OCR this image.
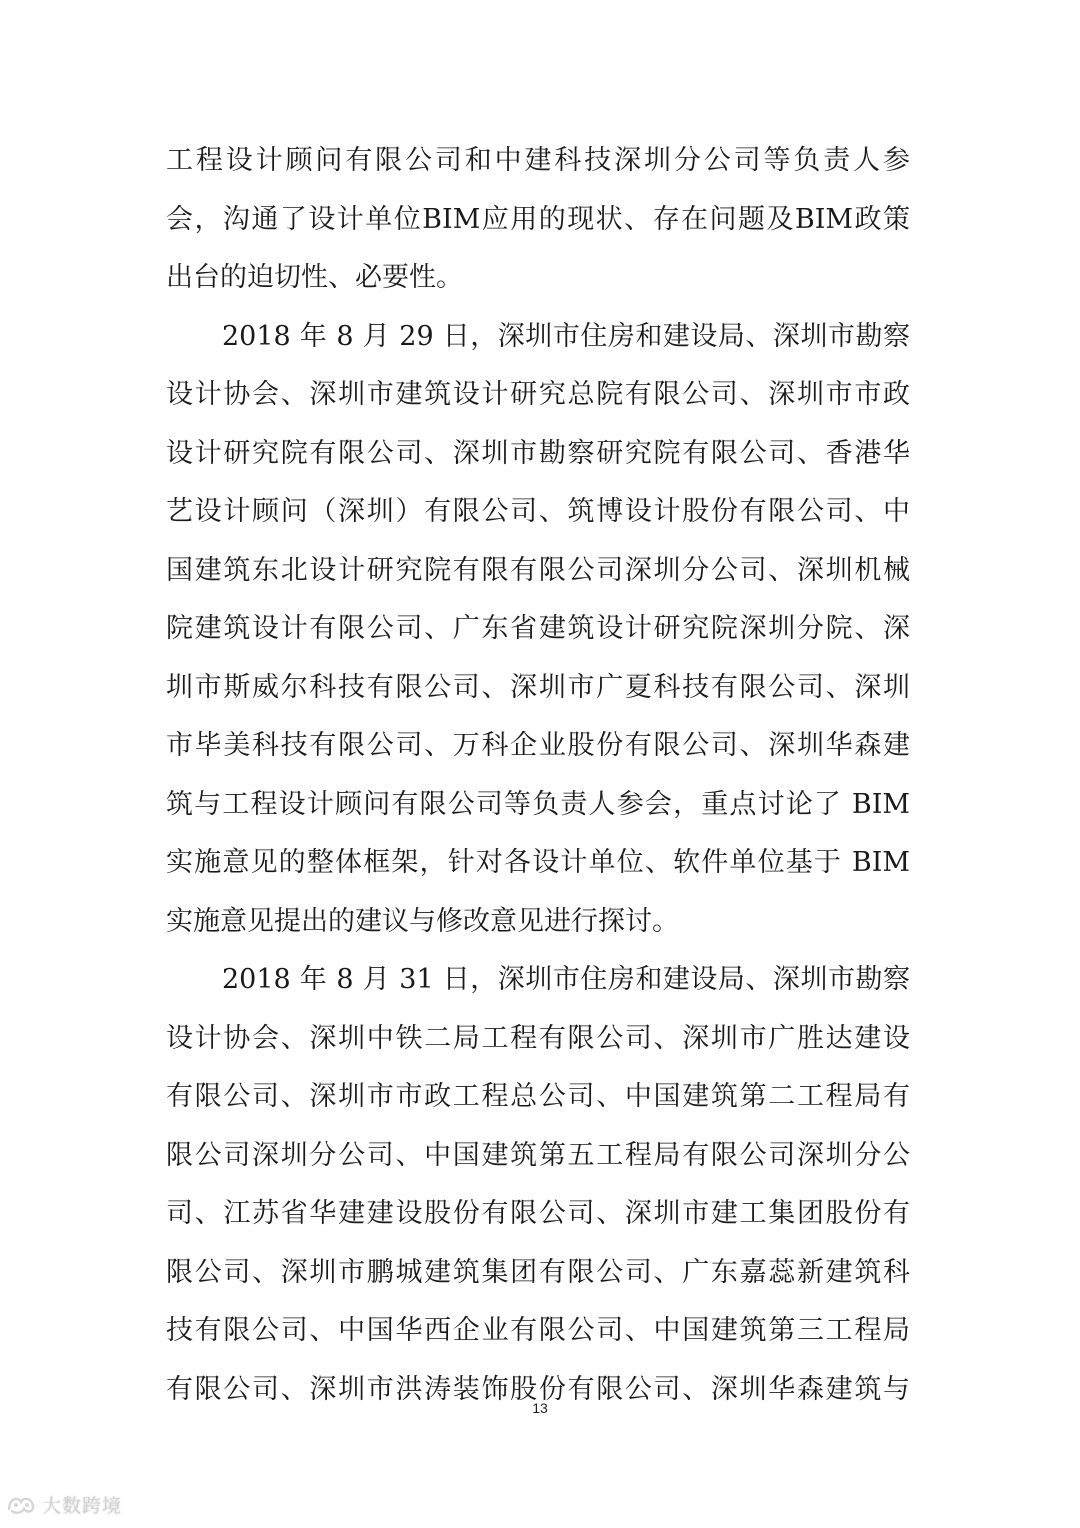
工程设计顾问有限公司和中建科技深圳分公司等负责人参
会，沟通了设计单位BIM应用的现状、存在问题及BIM政策
出台的迫切性、必要性。
2018 年 8 月 29 日，深圳市住房和建设局、深圳市勘察
设计协会、深圳市建筑设计研究总院有限公司、深圳市市政
设计研究院有限公司、深圳市勘察研究院有限公司、香港华
艺设计顾问（深圳）有限公司、筑博设计股份有限公司、中
国建筑东北设计研究院有限有限公司深圳分公司、深圳机械
院建筑设计有限公司、广东省建筑设计研究院深圳分院、深
圳市斯威尔科技有限公司、深圳市广夏科技有限公司、深圳
市毕美科技有限公司、万科企业股份有限公司、深圳华森建
筑与工程设计顾问有限公司等负责人参会，重点讨论了 BIM
实施意见的整体框架，针对各设计单位、软件单位基于 BIM
实施意见提出的建议与修改意见进行探讨。
2018 年 8 月 31 日，深圳市住房和建设局、深圳市勘察
设计协会、深圳中铁二局工程有限公司、深圳市广胜达建设
有限公司、深圳市市政工程总公司、中国建筑第二工程局有
限公司深圳分公司、中国建筑第五工程局有限公司深圳分公
司、江苏省华建建设股份有限公司、深圳市建工集团股份有
限公司、深圳市鹏城建筑集团有限公司、广东嘉蕊新建筑科
技有限公司、中国华西企业有限公司、中国建筑第三工程局
有限公司、深圳市洪涛装饰股份有限公司、深圳华森建筑与
13
大数跨境
